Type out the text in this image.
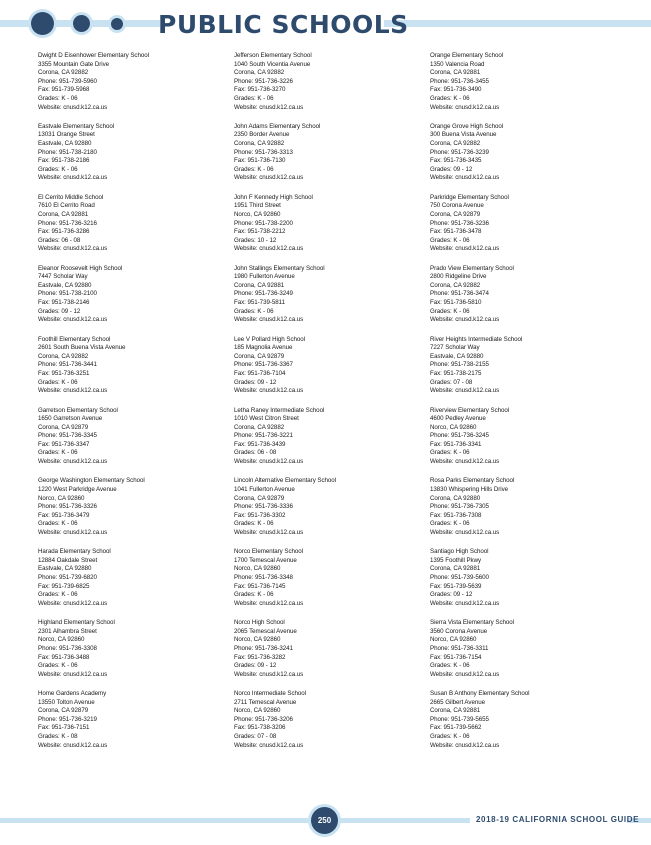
PUBLIC SCHOOLS
Dwight D Eisenhower Elementary School
3355 Mountain Gate Drive
Corona, CA 92882
Phone: 951-739-5960
Fax: 951-739-5968
Grades: K - 06
Website: cnusd.k12.ca.us
Eastvale Elementary School
13031 Orange Street
Eastvale, CA 92880
Phone: 951-738-2180
Fax: 951-738-2186
Grades: K - 06
Website: cnusd.k12.ca.us
El Cerrito Middle School
7610 El Cerrito Road
Corona, CA 92881
Phone: 951-736-3216
Fax: 951-736-3286
Grades: 06 - 08
Website: cnusd.k12.ca.us
Eleanor Roosevelt High School
7447 Scholar Way
Eastvale, CA 92880
Phone: 951-738-2100
Fax: 951-738-2146
Grades: 09 - 12
Website: cnusd.k12.ca.us
Foothill Elementary School
2601 South Buena Vista Avenue
Corona, CA 92882
Phone: 951-736-3441
Fax: 951-736-3251
Grades: K - 06
Website: cnusd.k12.ca.us
Garretson Elementary School
1650 Garretson Avenue
Corona, CA 92879
Phone: 951-736-3345
Fax: 951-736-3347
Grades: K - 06
Website: cnusd.k12.ca.us
George Washington Elementary School
1220 West Parkridge Avenue
Norco, CA 92860
Phone: 951-736-3326
Fax: 951-736-3479
Grades: K - 06
Website: cnusd.k12.ca.us
Harada Elementary School
12884 Oakdale Street
Eastvale, CA 92880
Phone: 951-739-6820
Fax: 951-739-6825
Grades: K - 06
Website: cnusd.k12.ca.us
Highland Elementary School
2301 Alhambra Street
Norco, CA 92860
Phone: 951-736-3308
Fax: 951-736-3488
Grades: K - 06
Website: cnusd.k12.ca.us
Home Gardens Academy
13550 Tolton Avenue
Corona, CA 92879
Phone: 951-736-3219
Fax: 951-736-7151
Grades: K - 08
Website: cnusd.k12.ca.us
Jefferson Elementary School
1040 South Vicentia Avenue
Corona, CA 92882
Phone: 951-736-3226
Fax: 951-736-3270
Grades: K - 06
Website: cnusd.k12.ca.us
John Adams Elementary School
2350 Border Avenue
Corona, CA 92882
Phone: 951-736-3313
Fax: 951-736-7130
Grades: K - 06
Website: cnusd.k12.ca.us
John F Kennedy High School
1951 Third Street
Norco, CA 92860
Phone: 951-738-2200
Fax: 951-738-2212
Grades: 10 - 12
Website: cnusd.k12.ca.us
John Stallings Elementary School
1980 Fullerton Avenue
Corona, CA 92881
Phone: 951-736-3249
Fax: 951-739-5811
Grades: K - 06
Website: cnusd.k12.ca.us
Lee V Pollard High School
185 Magnolia Avenue
Corona, CA 92879
Phone: 951-736-3367
Fax: 951-736-7104
Grades: 09 - 12
Website: cnusd.k12.ca.us
Letha Raney Intermediate School
1010 West Citron Street
Corona, CA 92882
Phone: 951-736-3221
Fax: 951-736-3439
Grades: 06 - 08
Website: cnusd.k12.ca.us
Lincoln Alternative Elementary School
1041 Fullerton Avenue
Corona, CA 92879
Phone: 951-736-3336
Fax: 951-736-3302
Grades: K - 06
Website: cnusd.k12.ca.us
Norco Elementary School
1700 Temescal Avenue
Norco, CA 92860
Phone: 951-736-3348
Fax: 951-736-7145
Grades: K - 06
Website: cnusd.k12.ca.us
Norco High School
2065 Temescal Avenue
Norco, CA 92860
Phone: 951-736-3241
Fax: 951-736-3282
Grades: 09 - 12
Website: cnusd.k12.ca.us
Norco Intermediate School
2711 Temescal Avenue
Norco, CA 92860
Phone: 951-736-3206
Fax: 951-738-3206
Grades: 07 - 08
Website: cnusd.k12.ca.us
Orange Elementary School
1350 Valencia Road
Corona, CA 92881
Phone: 951-736-3455
Fax: 951-736-3490
Grades: K - 06
Website: cnusd.k12.ca.us
Orange Grove High School
300 Buena Vista Avenue
Corona, CA 92882
Phone: 951-736-3239
Fax: 951-736-3435
Grades: 09 - 12
Website: cnusd.k12.ca.us
Parkridge Elementary School
750 Corona Avenue
Corona, CA 92879
Phone: 951-736-3236
Fax: 951-736-3478
Grades: K - 06
Website: cnusd.k12.ca.us
Prado View Elementary School
2800 Ridgeline Drive
Corona, CA 92882
Phone: 951-736-3474
Fax: 951-736-5810
Grades: K - 06
Website: cnusd.k12.ca.us
River Heights Intermediate School
7227 Scholar Way
Eastvale, CA 92880
Phone: 951-738-2155
Fax: 951-738-2175
Grades: 07 - 08
Website: cnusd.k12.ca.us
Riverview Elementary School
4600 Pedley Avenue
Norco, CA 92860
Phone: 951-736-3245
Fax: 951-736-3341
Grades: K - 06
Website: cnusd.k12.ca.us
Rosa Parks Elementary School
13830 Whispering Hills Drive
Corona, CA 92880
Phone: 951-736-7305
Fax: 951-736-7308
Grades: K - 06
Website: cnusd.k12.ca.us
Santiago High School
1395 Foothill Pkwy
Corona, CA 92881
Phone: 951-739-5600
Fax: 951-739-5639
Grades: 09 - 12
Website: cnusd.k12.ca.us
Sierra Vista Elementary School
3560 Corona Avenue
Norco, CA 92860
Phone: 951-736-3311
Fax: 951-736-7154
Grades: K - 06
Website: cnusd.k12.ca.us
Susan B Anthony Elementary School
2665 Gilbert Avenue
Corona, CA 92881
Phone: 951-739-5655
Fax: 951-739-5662
Grades: K - 06
Website: cnusd.k12.ca.us
250	2018-19 CALIFORNIA SCHOOL GUIDE
